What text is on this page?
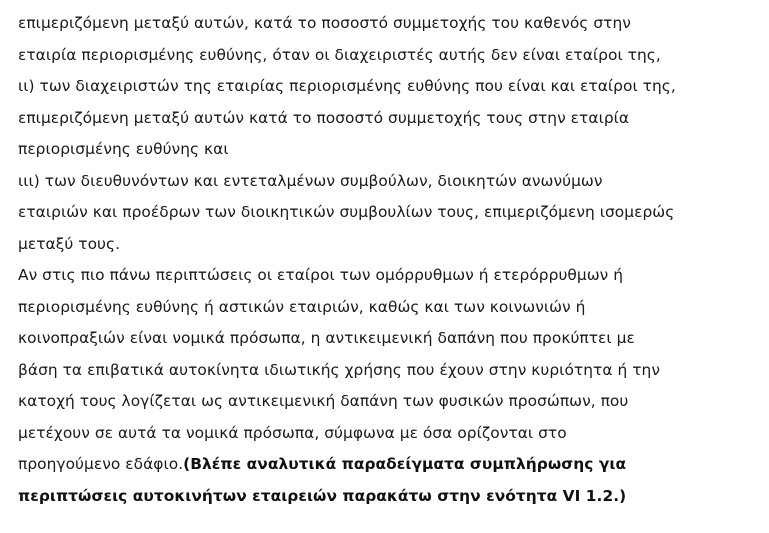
επιμεριζόμενη μεταξύ αυτών, κατά το ποσοστό συμμετοχής του καθενός στην
εταιρία περιορισμένης ευθύνης, όταν οι διαχειριστές αυτής δεν είναι εταίροι της,
ιι) των διαχειριστών της εταιρίας περιορισμένης ευθύνης που είναι και εταίροι της,
επιμεριζόμενη μεταξύ αυτών κατά το ποσοστό συμμετοχής τους στην εταιρία
περιορισμένης ευθύνης και
ιιι) των διευθυνόντων και εντεταλμένων συμβούλων, διοικητών ανωνύμων
εταιριών και προέδρων των διοικητικών συμβουλίων τους, επιμεριζόμενη ισομερώς
μεταξύ τους.
Αν στις πιο πάνω περιπτώσεις οι εταίροι των ομόρρυθμων ή ετερόρρυθμων ή
περιορισμένης ευθύνης ή αστικών εταιριών, καθώς και των κοινωνιών ή
κοινοπραξιών είναι νομικά πρόσωπα, η αντικειμενική δαπάνη που προκύπτει με
βάση τα επιβατικά αυτοκίνητα ιδιωτικής χρήσης που έχουν στην κυριότητα ή την
κατοχή τους λογίζεται ως αντικειμενική δαπάνη των φυσικών προσώπων, που
μετέχουν σε αυτά τα νομικά πρόσωπα, σύμφωνα με όσα ορίζονται στο
προηγούμενο εδάφιο.(Βλέπε αναλυτικά παραδείγματα συμπλήρωσης για
περιπτώσεις αυτοκινήτων εταιρειών παρακάτω στην ενότητα VI 1.2.)
